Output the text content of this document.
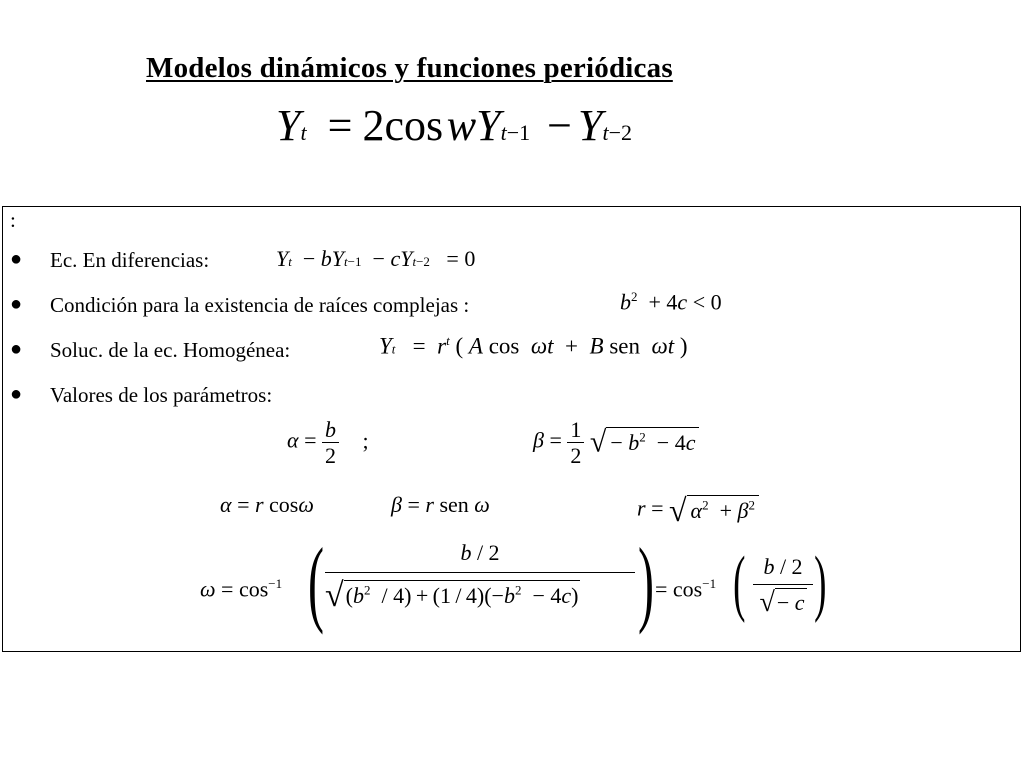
Modelos dinámicos y funciones periódicas
Yt = 2cos wYt−1 − Yt−2
:
● Ec. En diferencias:	Yt  − bYt−1  − cYt−2   = 0
● Condición para la existencia de raíces complejas :	$b^2 + 4c < 0$
● Soluc. de la ec. Homogénea:	$Yt = r^t$ ( A cos  ωt  +  B sen  ωt )
● Valores de los parámetros:
$\alpha = \frac{b}{2}$ ;	$\beta = \frac{1}{2}$ √ − $b^2 - 4c$
α = r cosω	β = r sen ω	r = √ $\alpha^2 + \beta^2$
$\omega = \cos^{-1}$ (	b / 2
$√(b^2 / 4) + (1 / 4)(-b^2 - 4c)$ ) = $\cos^{-1}$ ( b / 2
√− c )
